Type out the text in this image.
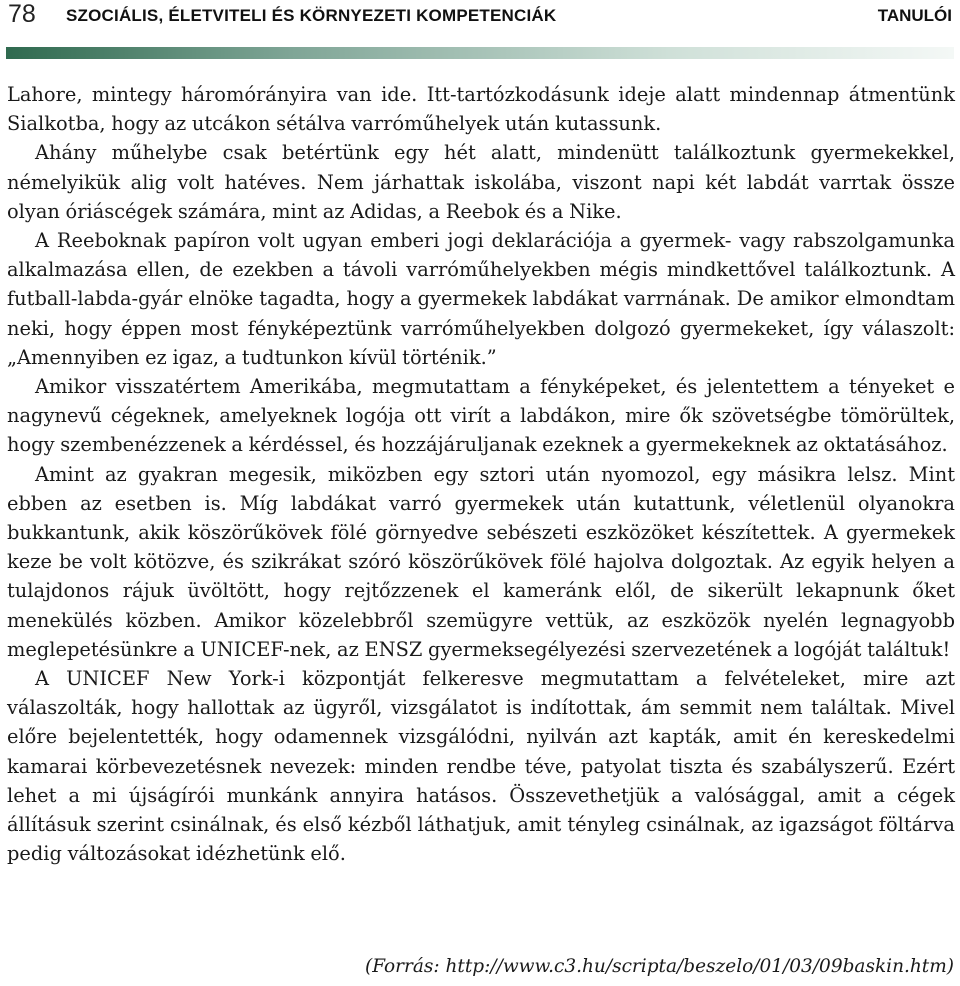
78 SZOCIÁLIS, ÉLETVITELI ÉS KÖRNYEZETI KOMPETENCIÁK	TANULÓI

Lahore, mintegy háromórányira van ide. Itt-tartózkodásunk ideje alatt mindennap átmentünk Sialkotba, hogy az utcákon sétálva varróműhelyek után kutassunk.

Ahány műhelybe csak betértünk egy hét alatt, mindenütt találkoztunk gyermekekkel, némelyikük alig volt hatéves. Nem járhattak iskolába, viszont napi két labdát varrtak össze olyan óriáscégek számára, mint az Adidas, a Reebok és a Nike.

A Reeboknak papíron volt ugyan emberi jogi deklarációja a gyermek- vagy rabszolgamunka alkalmazása ellen, de ezekben a távoli varróműhelyekben mégis mindkettővel találkoztunk. A futball-labda-gyár elnöke tagadta, hogy a gyermekek labdákat varrnának. De amikor elmondtam neki, hogy éppen most fényképeztünk varróműhelyekben dolgozó gyermekeket, így válaszolt: „Amennyiben ez igaz, a tudtunkon kívül történik.”

Amikor visszatértem Amerikába, megmutattam a fényképeket, és jelentettem a tényeket e nagynevű cégeknek, amelyeknek logója ott virít a labdákon, mire ők szövetségbe tömörültek, hogy szembenézzenek a kérdéssel, és hozzájáruljanak ezeknek a gyermekeknek az oktatásához.

Amint az gyakran megesik, miközben egy sztori után nyomozol, egy másikra lelsz. Mint ebben az esetben is. Míg labdákat varró gyermekek után kutattunk, véletlenül olyanokra bukkantunk, akik köszörűkövek fölé görnyedve sebészeti eszközöket készítettek. A gyermekek keze be volt kötözve, és szikrákat szóró köszörűkövek fölé hajolva dolgoztak. Az egyik helyen a tulajdonos rájuk üvöltött, hogy rejtőzzenek el kameránk elől, de sikerült lekapnunk őket menekülés közben. Amikor közelebbről szemügyre vettük, az eszközök nyelén legnagyobb meglepetésünkre a UNICEF-nek, az ENSZ gyermeksegélyezési szervezetének a logóját találtuk!

A UNICEF New York-i központját felkeresve megmutattam a felvételeket, mire azt válaszolták, hogy hallottak az ügyről, vizsgálatot is indítottak, ám semmit nem találtak. Mivel előre bejelentették, hogy odamennek vizsgálódni, nyilván azt kapták, amit én kereskedelmi kamarai körbevezetésnek nevezek: minden rendbe téve, patyolat tiszta és szabályszerű. Ezért lehet a mi újságírói munkánk annyira hatásos. Összevethetjük a valósággal, amit a cégek állításuk szerint csinálnak, és első kézből láthatjuk, amit tényleg csinálnak, az igazságot föltárva pedig változásokat idézhetünk elő.

(Forrás: http://www.c3.hu/scripta/beszelo/01/03/09baskin.htm)
